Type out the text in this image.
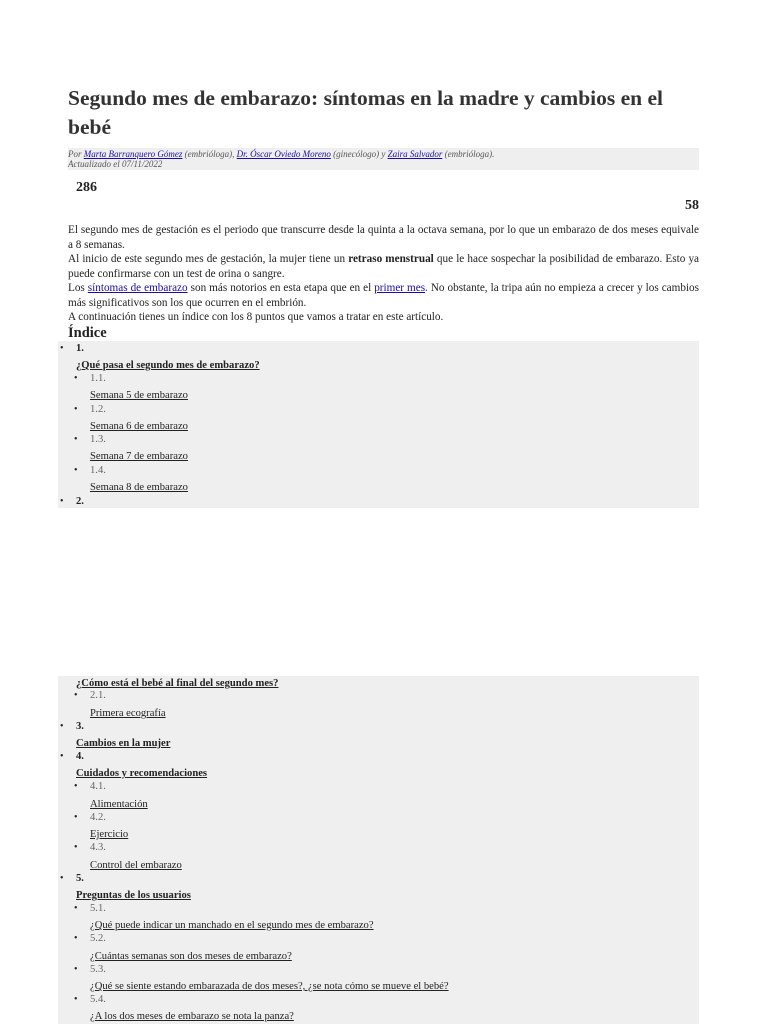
Segundo mes de embarazo: síntomas en la madre y cambios en el bebé
Por Marta Barranquero Gómez (embrióloga), Dr. Óscar Oviedo Moreno (ginecólogo) y Zaira Salvador (embrióloga).
Actualizado el 07/11/2022
286
58

El segundo mes de gestación es el periodo que transcurre desde la quinta a la octava semana, por lo que un embarazo de dos meses equivale a 8 semanas.

Al inicio de este segundo mes de gestación, la mujer tiene un retraso menstrual que le hace sospechar la posibilidad de embarazo. Esto ya puede confirmarse con un test de orina o sangre.

Los síntomas de embarazo son más notorios en esta etapa que en el primer mes. No obstante, la tripa aún no empieza a crecer y los cambios más significativos son los que ocurren en el embrión.

A continuación tienes un índice con los 8 puntos que vamos a tratar en este artículo.

Índice
• 1.
¿Qué pasa el segundo mes de embarazo?
• 1.1.
Semana 5 de embarazo
• 1.2.
Semana 6 de embarazo
• 1.3.
Semana 7 de embarazo
• 1.4.
Semana 8 de embarazo
• 2.
¿Cómo está el bebé al final del segundo mes?
• 2.1.
Primera ecografía
• 3.
Cambios en la mujer
• 4.
Cuidados y recomendaciones
• 4.1.
Alimentación
• 4.2.
Ejercicio
• 4.3.
Control del embarazo
• 5.
Preguntas de los usuarios
• 5.1.
¿Qué puede indicar un manchado en el segundo mes de embarazo?
• 5.2.
¿Cuántas semanas son dos meses de embarazo?
• 5.3.
¿Qué se siente estando embarazada de dos meses?, ¿se nota cómo se mueve el bebé?
• 5.4.
¿A los dos meses de embarazo se nota la panza?
